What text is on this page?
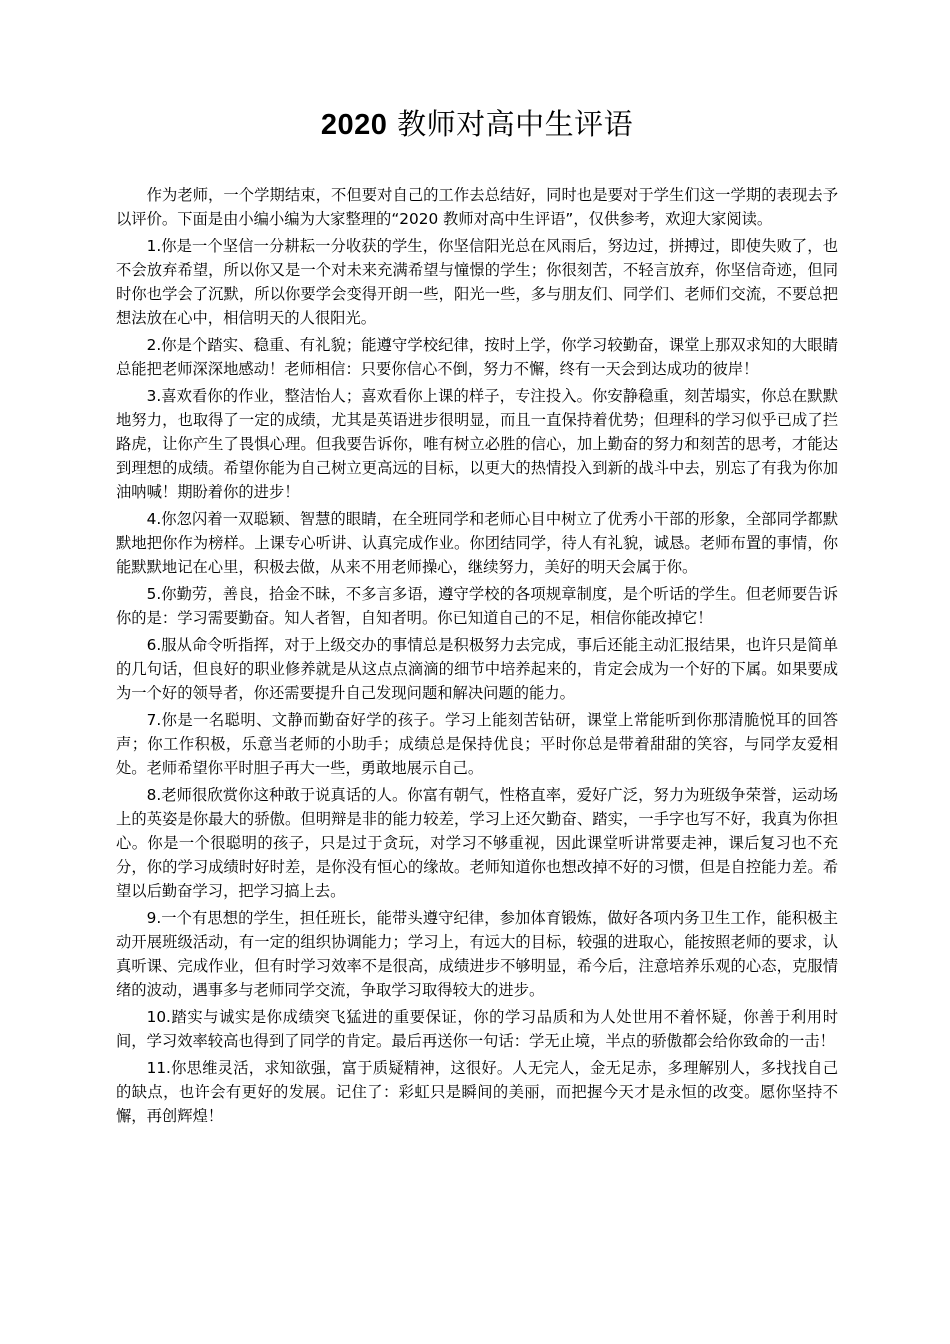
2020 教师对高中生评语

作为老师，一个学期结束，不但要对自己的工作去总结好，同时也是要对于学生们这一学期的表现去予以评价。下面是由小编小编为大家整理的“2020 教师对高中生评语”，仅供参考，欢迎大家阅读。

1.你是一个坚信一分耕耘一分收获的学生，你坚信阳光总在风雨后，努边过，拼搏过，即使失败了，也不会放弃希望，所以你又是一个对未来充满希望与憧憬的学生；你很刻苦，不轻言放弃，你坚信奇迹，但同时你也学会了沉默，所以你要学会变得开朗一些，阳光一些，多与朋友们、同学们、老师们交流，不要总把想法放在心中，相信明天的人很阳光。

2.你是个踏实、稳重、有礼貌；能遵守学校纪律，按时上学，你学习较勤奋，课堂上那双求知的大眼睛总能把老师深深地感动！老师相信：只要你信心不倒，努力不懈，终有一天会到达成功的彼岸！

3.喜欢看你的作业，整洁怡人；喜欢看你上课的样子，专注投入。你安静稳重，刻苦塌实，你总在默默地努力，也取得了一定的成绩，尤其是英语进步很明显，而且一直保持着优势；但理科的学习似乎已成了拦路虎，让你产生了畏惧心理。但我要告诉你，唯有树立必胜的信心，加上勤奋的努力和刻苦的思考，才能达到理想的成绩。希望你能为自己树立更高远的目标，以更大的热情投入到新的战斗中去，别忘了有我为你加油呐喊！期盼着你的进步！

4.你忽闪着一双聪颖、智慧的眼睛，在全班同学和老师心目中树立了优秀小干部的形象，全部同学都默默地把你作为榜样。上课专心听讲、认真完成作业。你团结同学，待人有礼貌，诚恳。老师布置的事情，你能默默地记在心里，积极去做，从来不用老师操心，继续努力，美好的明天会属于你。

5.你勤劳，善良，拾金不昧，不多言多语，遵守学校的各项规章制度，是个听话的学生。但老师要告诉你的是：学习需要勤奋。知人者智，自知者明。你已知道自己的不足，相信你能改掉它！

6.服从命令听指挥，对于上级交办的事情总是积极努力去完成，事后还能主动汇报结果，也许只是简单的几句话，但良好的职业修养就是从这点点滴滴的细节中培养起来的，肯定会成为一个好的下属。如果要成为一个好的领导者，你还需要提升自己发现问题和解决问题的能力。

7.你是一名聪明、文静而勤奋好学的孩子。学习上能刻苦钻研，课堂上常能听到你那清脆悦耳的回答声；你工作积极，乐意当老师的小助手；成绩总是保持优良；平时你总是带着甜甜的笑容，与同学友爱相处。老师希望你平时胆子再大一些，勇敢地展示自己。

8.老师很欣赏你这种敢于说真话的人。你富有朝气，性格直率，爱好广泛，努力为班级争荣誉，运动场上的英姿是你最大的骄傲。但明辩是非的能力较差，学习上还欠勤奋、踏实，一手字也写不好，我真为你担心。你是一个很聪明的孩子，只是过于贪玩，对学习不够重视，因此课堂听讲常要走神，课后复习也不充分，你的学习成绩时好时差，是你没有恒心的缘故。老师知道你也想改掉不好的习惯，但是自控能力差。希望以后勤奋学习，把学习搞上去。

9.一个有思想的学生，担任班长，能带头遵守纪律，参加体育锻炼，做好各项内务卫生工作，能积极主动开展班级活动，有一定的组织协调能力；学习上，有远大的目标，较强的进取心，能按照老师的要求，认真听课、完成作业，但有时学习效率不是很高，成绩进步不够明显，希今后，注意培养乐观的心态，克服情绪的波动，遇事多与老师同学交流，争取学习取得较大的进步。

10.踏实与诚实是你成绩突飞猛进的重要保证，你的学习品质和为人处世用不着怀疑，你善于利用时间，学习效率较高也得到了同学的肯定。最后再送你一句话：学无止境，半点的骄傲都会给你致命的一击！

11.你思维灵活，求知欲强，富于质疑精神，这很好。人无完人，金无足赤，多理解别人，多找找自己的缺点，也许会有更好的发展。记住了：彩虹只是瞬间的美丽，而把握今天才是永恒的改变。愿你坚持不懈，再创辉煌！
